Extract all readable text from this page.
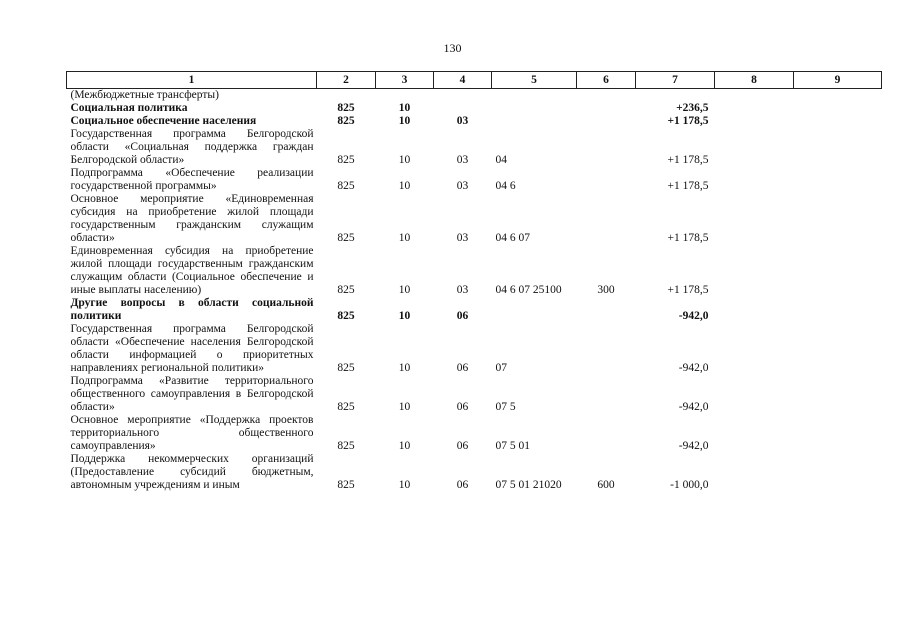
130
1	2	3	4	5	6	7	8	9
(Межбюджетные трансферты)								
Социальная политика	825	10				+236,5		
Социальное обеспечение населения	825	10	03			+1 178,5		
Государственная программа Белгородской области «Социальная поддержка граждан Белгородской области»	825	10	03	04		+1 178,5		
Подпрограмма «Обеспечение реализации государственной программы»	825	10	03	04 6		+1 178,5		
Основное мероприятие «Единовременная субсидия на приобретение жилой площади государственным гражданским служащим области»	825	10	03	04 6 07		+1 178,5		
Единовременная субсидия на приобретение жилой площади государственным гражданским служащим области (Социальное обеспечение и иные выплаты населению)	825	10	03	04 6 07 25100	300	+1 178,5		
Другие вопросы в области социальной политики	825	10	06			-942,0		
Государственная программа Белгородской области «Обеспечение населения Белгородской области информацией о приоритетных направлениях региональной политики»	825	10	06	07		-942,0		
Подпрограмма «Развитие территориального общественного самоуправления в Белгородской области»	825	10	06	07 5		-942,0		
Основное мероприятие «Поддержка проектов территориального общественного самоуправления»	825	10	06	07 5 01		-942,0		
Поддержка некоммерческих организаций (Предоставление субсидий бюджетным, автономным учреждениям и иным	825	10	06	07 5 01 21020	600	-1 000,0		
